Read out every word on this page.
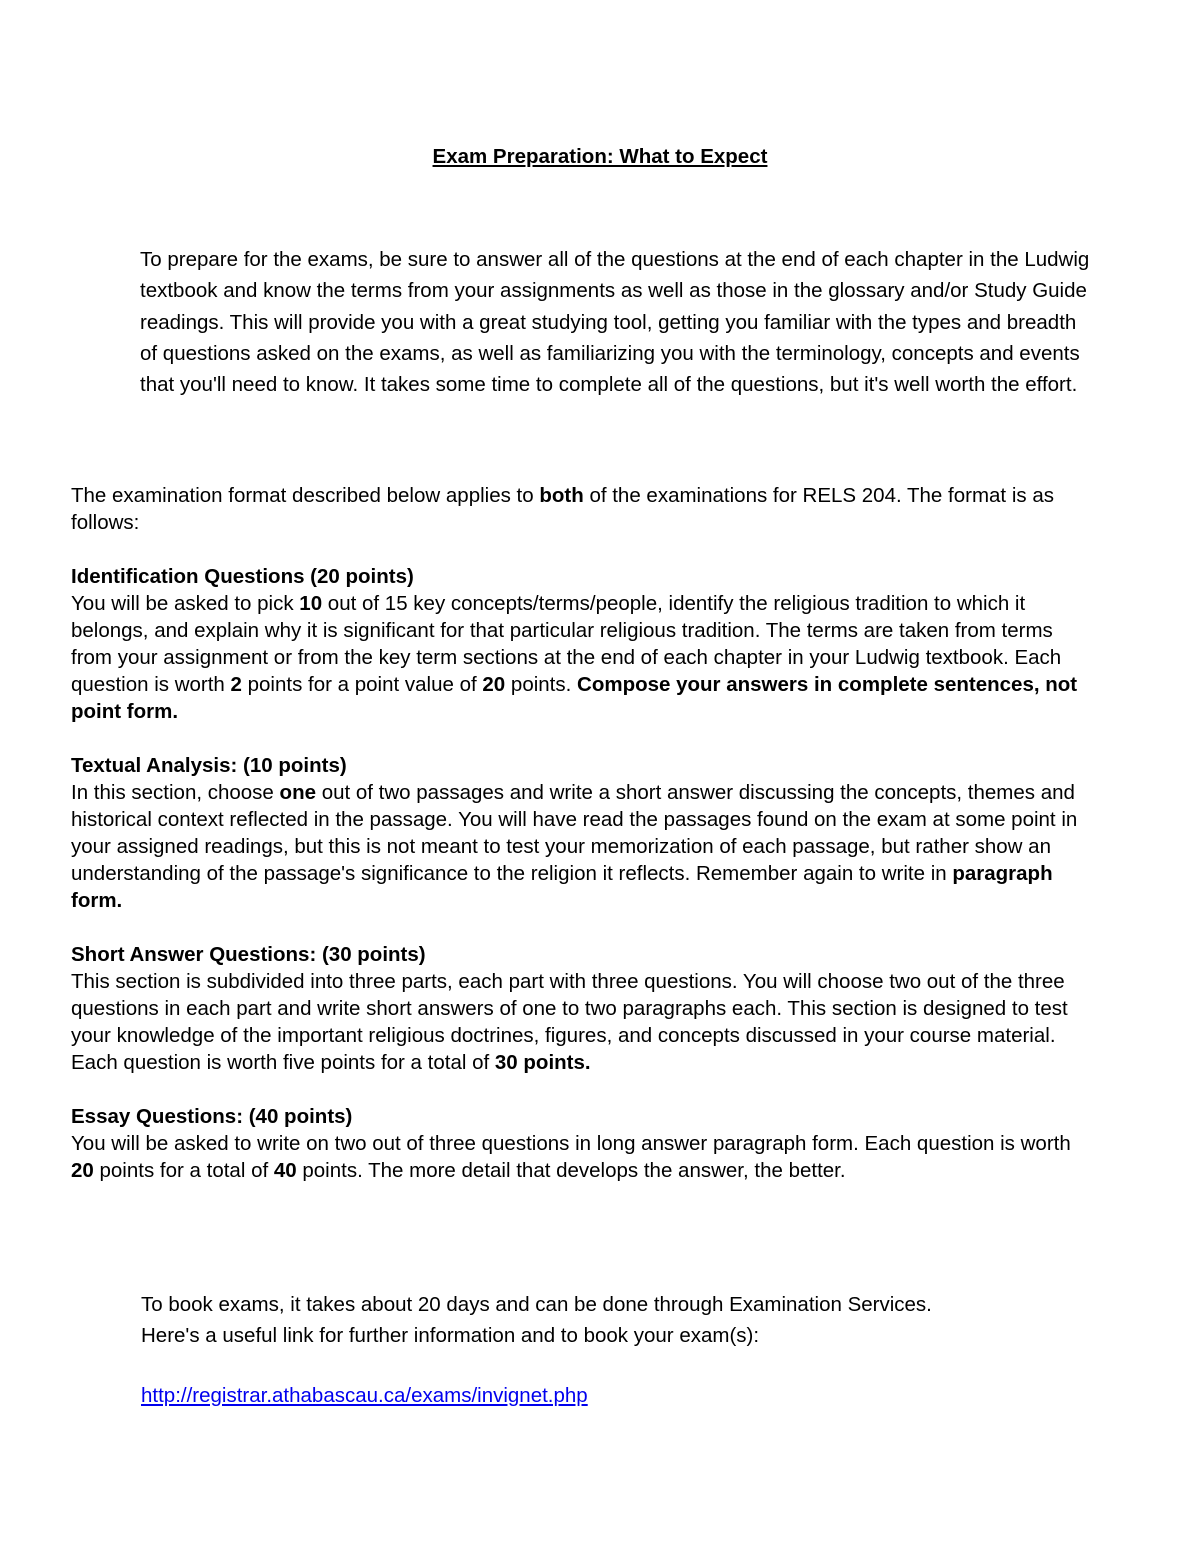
Exam Preparation: What to Expect

To prepare for the exams, be sure to answer all of the questions at the end of each chapter in the Ludwig textbook and know the terms from your assignments as well as those in the glossary and/or Study Guide readings. This will provide you with a great studying tool, getting you familiar with the types and breadth of questions asked on the exams, as well as familiarizing you with the terminology, concepts and events that you'll need to know. It takes some time to complete all of the questions, but it's well worth the effort.

The examination format described below applies to both of the examinations for RELS 204. The format is as follows:

Identification Questions (20 points)

You will be asked to pick 10 out of 15 key concepts/terms/people, identify the religious tradition to which it belongs, and explain why it is significant for that particular religious tradition. The terms are taken from terms from your assignment or from the key term sections at the end of each chapter in your Ludwig textbook. Each question is worth 2 points for a point value of 20 points. Compose your answers in complete sentences, not point form.

Textual Analysis: (10 points)

In this section, choose one out of two passages and write a short answer discussing the concepts, themes and historical context reflected in the passage. You will have read the passages found on the exam at some point in your assigned readings, but this is not meant to test your memorization of each passage, but rather show an understanding of the passage's significance to the religion it reflects. Remember again to write in paragraph form.

Short Answer Questions: (30 points)

This section is subdivided into three parts, each part with three questions. You will choose two out of the three questions in each part and write short answers of one to two paragraphs each. This section is designed to test your knowledge of the important religious doctrines, figures, and concepts discussed in your course material. Each question is worth five points for a total of 30 points.

Essay Questions: (40 points)

You will be asked to write on two out of three questions in long answer paragraph form. Each question is worth 20 points for a total of 40 points. The more detail that develops the answer, the better.

To book exams, it takes about 20 days and can be done through Examination Services.

Here's a useful link for further information and to book your exam(s):

http://registrar.athabascau.ca/exams/invignet.php
